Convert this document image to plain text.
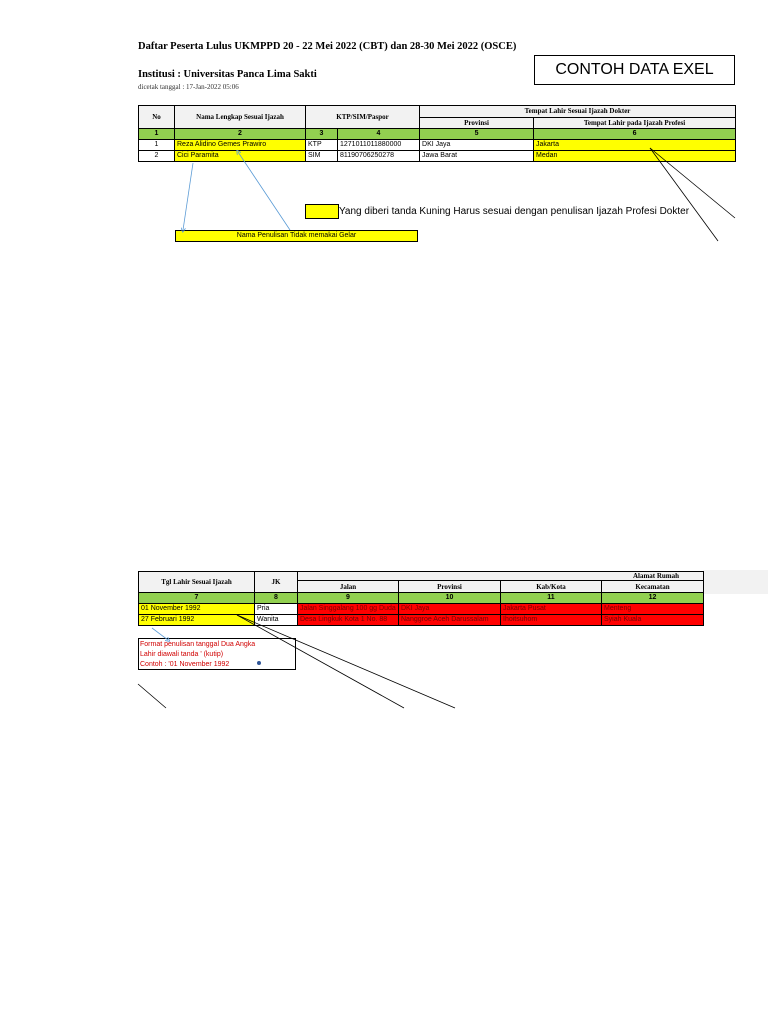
Daftar Peserta Lulus UKMPPD 20 - 22 Mei 2022 (CBT) dan 28-30 Mei 2022 (OSCE)
Institusi : Universitas Panca Lima Sakti
dicetak tanggal : 17-Jan-2022 05:06
CONTOH DATA EXEL
No	Nama Lengkap Sesuai Ijazah	KTP/SIM/Paspor		Tempat Lahir Sesuai Ijazah Dokter	
				Provinsi	Tempat Lahir pada Ijazah Profesi
1	2	3	4	5	6
1	Reza Alidino Gemes Prawiro	KTP	1271011011880000	DKI Jaya	Jakarta
2	Cici Paramita	SIM	81190706250278	Jawa Barat	Medan
Yang diberi tanda Kuning Harus sesuai dengan penulisan Ijazah Profesi Dokter
Nama Penulisan Tidak memakai Gelar
Tgl Lahir Sesuai Ijazah	JK	Alamat Rumah			
		Jalan	Provinsi	Kab/Kota	Kecamatan
7	8	9	10	11	12
01 November 1992	Pria	Jalan Singgalang 100 gg Duda	DKI Jaya	Jakarta Pusat	Menteng
27 Februari 1992	Wanita	Desa Lingkuk Kota 1 No. 88	Nanggroe Aceh Darussalam	Ihoitsuhom	Syiah Kuala
Format penulisan tanggal Dua Angka
Lahir diawali tanda ' (kutip)
Contoh : '01 November 1992
